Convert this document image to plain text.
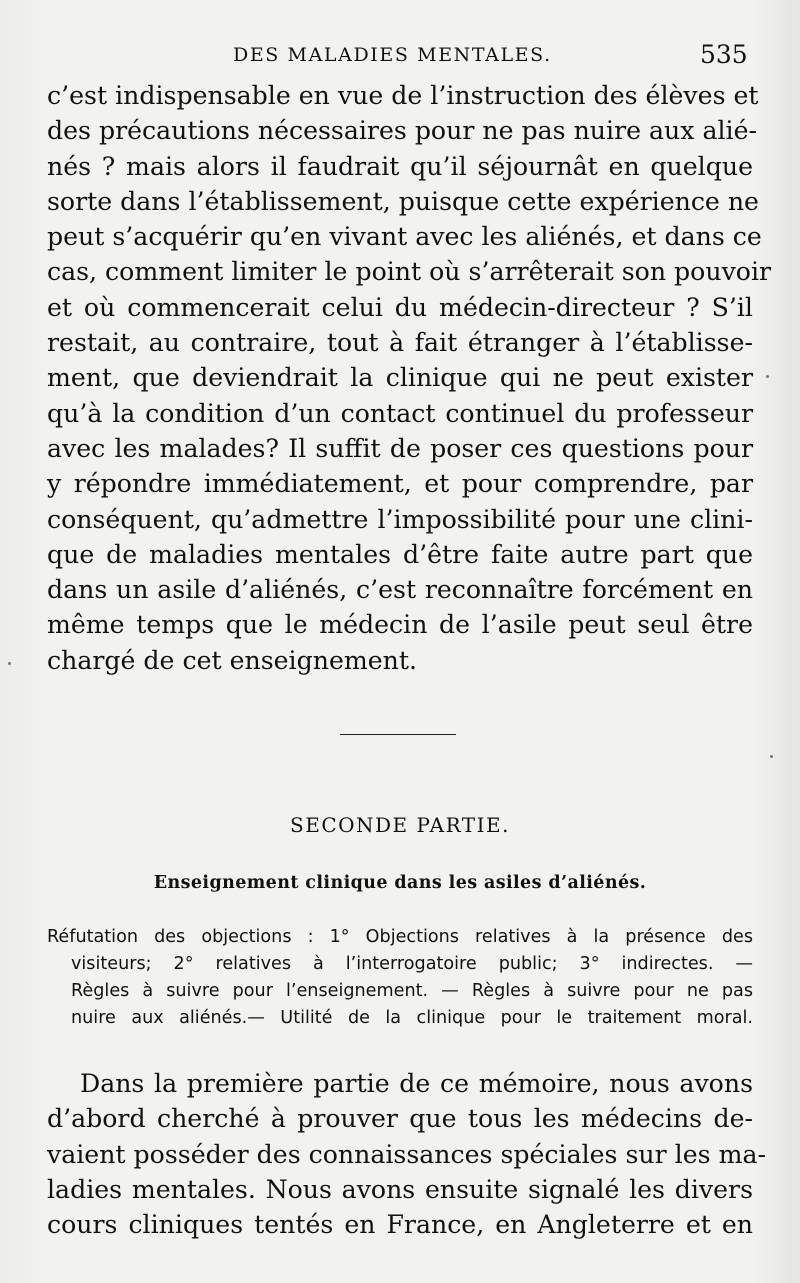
DES MALADIES MENTALES.	535
c’est indispensable en vue de l’instruction des élèves et
des précautions nécessaires pour ne pas nuire aux alié-
nés ? mais alors il faudrait qu’il séjournât en quelque
sorte dans l’établissement, puisque cette expérience ne
peut s’acquérir qu’en vivant avec les aliénés, et dans ce
cas, comment limiter le point où s’arrêterait son pouvoir
et où commencerait celui du médecin-directeur ? S’il
restait, au contraire, tout à fait étranger à l’établisse-
ment, que deviendrait la clinique qui ne peut exister
qu’à la condition d’un contact continuel du professeur
avec les malades? Il suffit de poser ces questions pour
y répondre immédiatement, et pour comprendre, par
conséquent, qu’admettre l’impossibilité pour une clini-
que de maladies mentales d’être faite autre part que
dans un asile d’aliénés, c’est reconnaître forcément en
même temps que le médecin de l’asile peut seul être
chargé de cet enseignement.
SECONDE PARTIE.
Enseignement clinique dans les asiles d’aliénés.
Réfutation des objections : 1° Objections relatives à la présence des
visiteurs; 2° relatives à l’interrogatoire public; 3° indirectes. —
Règles à suivre pour l’enseignement. — Règles à suivre pour ne pas
nuire aux aliénés.— Utilité de la clinique pour le traitement moral.
Dans la première partie de ce mémoire, nous avons
d’abord cherché à prouver que tous les médecins de-
vaient posséder des connaissances spéciales sur les ma-
ladies mentales. Nous avons ensuite signalé les divers
cours cliniques tentés en France, en Angleterre et en
